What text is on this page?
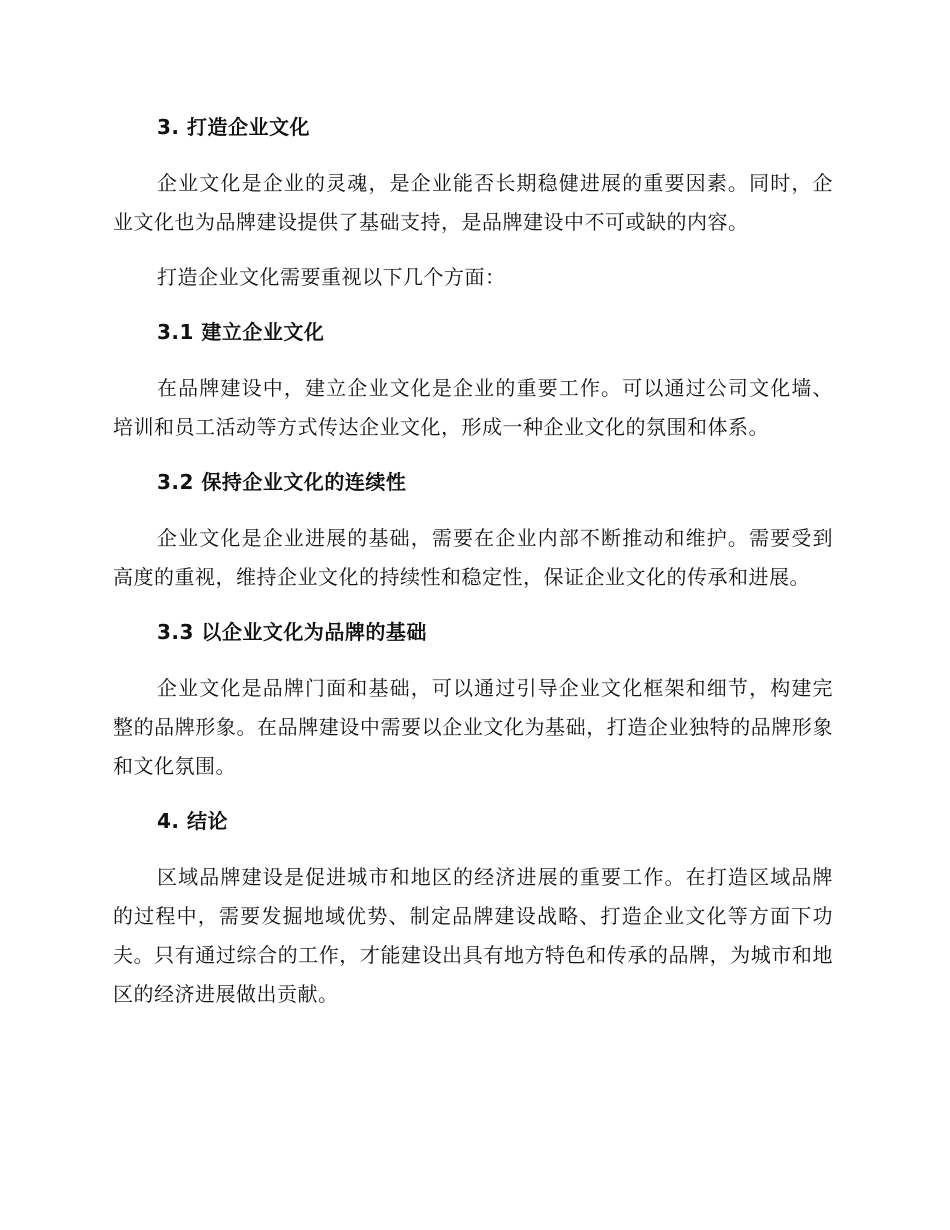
3. 打造企业文化

企业文化是企业的灵魂，是企业能否长期稳健进展的重要因素。同时，企业文化也为品牌建设提供了基础支持，是品牌建设中不可或缺的内容。

打造企业文化需要重视以下几个方面：

3.1 建立企业文化

在品牌建设中，建立企业文化是企业的重要工作。可以通过公司文化墙、培训和员工活动等方式传达企业文化，形成一种企业文化的氛围和体系。

3.2 保持企业文化的连续性

企业文化是企业进展的基础，需要在企业内部不断推动和维护。需要受到高度的重视，维持企业文化的持续性和稳定性，保证企业文化的传承和进展。

3.3 以企业文化为品牌的基础

企业文化是品牌门面和基础，可以通过引导企业文化框架和细节，构建完整的品牌形象。在品牌建设中需要以企业文化为基础，打造企业独特的品牌形象和文化氛围。

4. 结论

区域品牌建设是促进城市和地区的经济进展的重要工作。在打造区域品牌的过程中，需要发掘地域优势、制定品牌建设战略、打造企业文化等方面下功夫。只有通过综合的工作，才能建设出具有地方特色和传承的品牌，为城市和地区的经济进展做出贡献。
